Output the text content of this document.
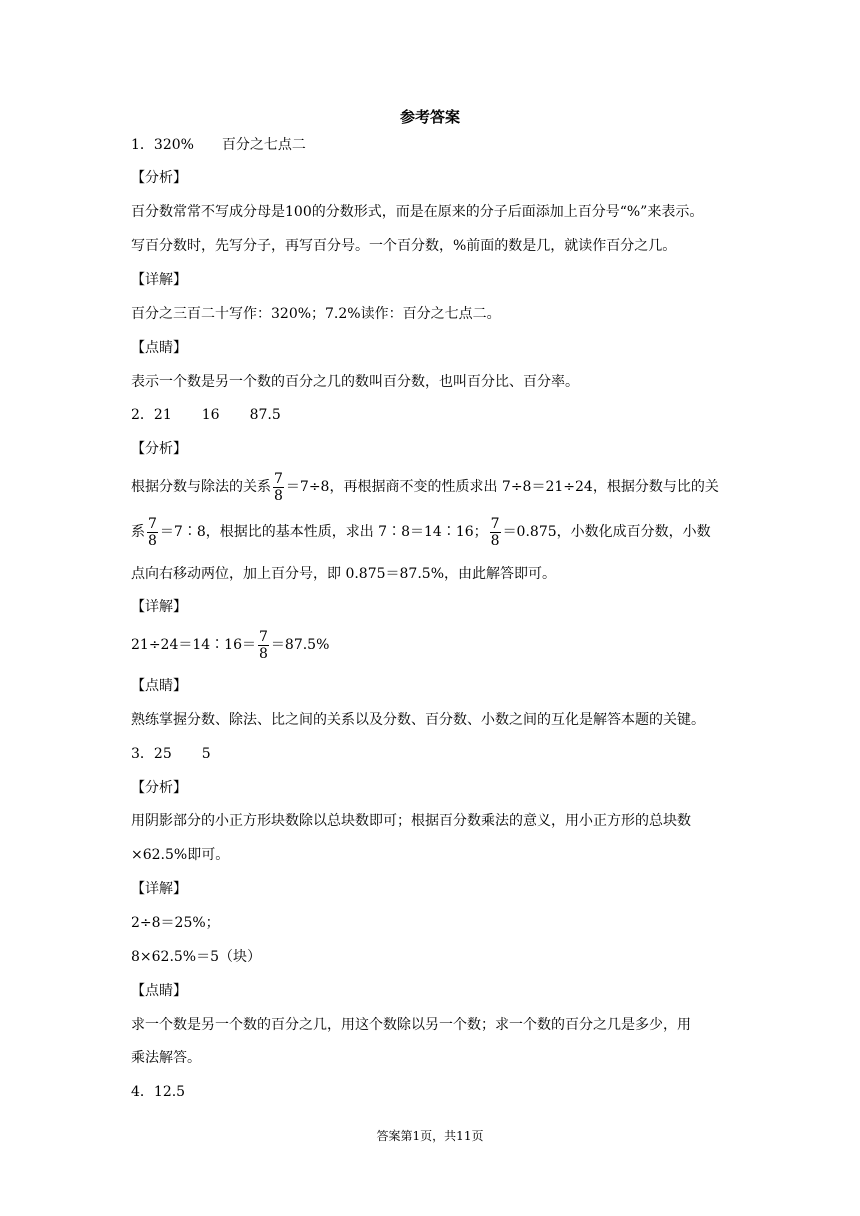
参考答案
1．320%　　百分之七点二
【分析】
百分数常常不写成分母是100的分数形式，而是在原来的分子后面添加上百分号“%”来表示。
写百分数时，先写分子，再写百分号。一个百分数，%前面的数是几，就读作百分之几。
【详解】
百分之三百二十写作：320%；7.2%读作：百分之七点二。
【点睛】
表示一个数是另一个数的百分之几的数叫百分数，也叫百分比、百分率。
2．21 16 87.5
【分析】
根据分数与除法的关系 $\frac{7}{8} =7\div 8$，再根据商不变的性质求出 7÷8＝21÷24，根据分数与比的关
系 $\frac{7}{8}$ ＝7∶8，根据比的基本性质，求出 7∶8＝14∶16； $\frac{7}{8} =0.875$，小数化成百分数，小数
点向右移动两位，加上百分号，即 0.875＝87.5%，由此解答即可。
【详解】
21÷24＝14∶16＝ $\frac{7}{8} =87.5\%$
【点睛】
熟练掌握分数、除法、比之间的关系以及分数、百分数、小数之间的互化是解答本题的关键。
3．25 5
【分析】
用阴影部分的小正方形块数除以总块数即可；根据百分数乘法的意义，用小正方形的总块数
×62.5%即可。
【详解】
2÷8＝25%；
8×62.5%＝5（块）
【点睛】
求一个数是另一个数的百分之几，用这个数除以另一个数；求一个数的百分之几是多少，用
乘法解答。
4．12.5
答案第1页，共11页
